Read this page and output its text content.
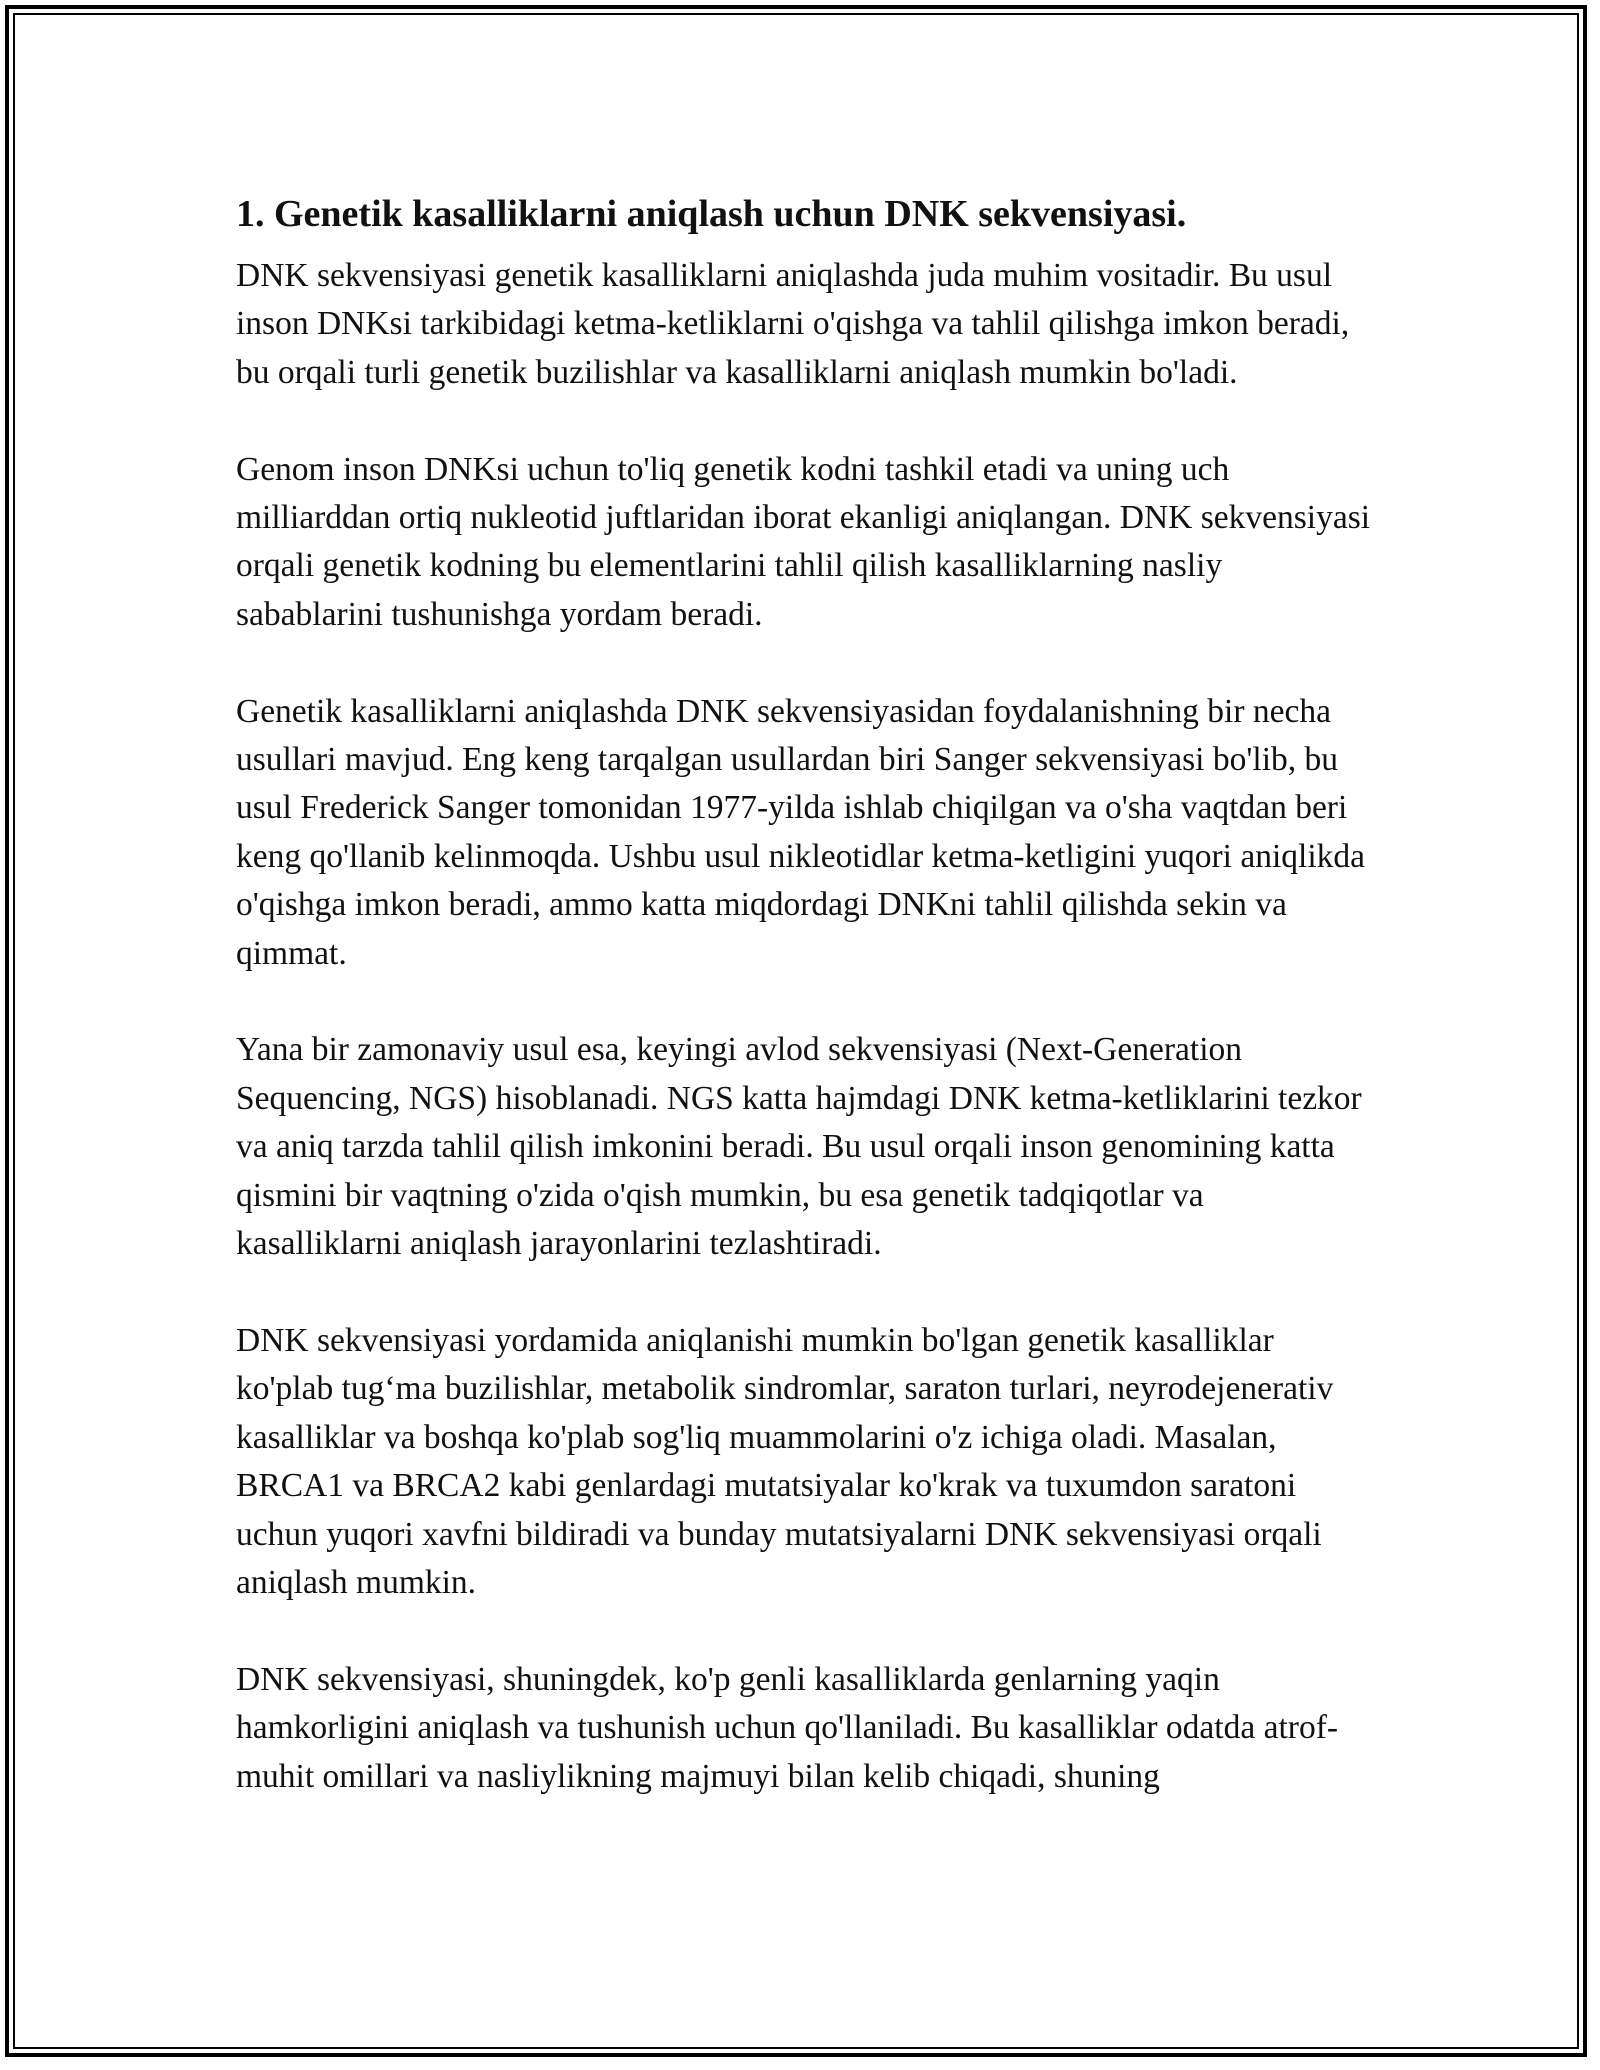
1. Genetik kasalliklarni aniqlash uchun DNK sekvensiyasi.

DNK sekvensiyasi genetik kasalliklarni aniqlashda juda muhim vositadir. Bu usul inson DNKsi tarkibidagi ketma-ketliklarni o'qishga va tahlil qilishga imkon beradi, bu orqali turli genetik buzilishlar va kasalliklarni aniqlash mumkin bo'ladi.

Genom inson DNKsi uchun to'liq genetik kodni tashkil etadi va uning uch milliarddan ortiq nukleotid juftlaridan iborat ekanligi aniqlangan. DNK sekvensiyasi orqali genetik kodning bu elementlarini tahlil qilish kasalliklarning nasliy sabablarini tushunishga yordam beradi.

Genetik kasalliklarni aniqlashda DNK sekvensiyasidan foydalanishning bir necha usullari mavjud. Eng keng tarqalgan usullardan biri Sanger sekvensiyasi bo'lib, bu usul Frederick Sanger tomonidan 1977-yilda ishlab chiqilgan va o'sha vaqtdan beri keng qo'llanib kelinmoqda. Ushbu usul nikleotidlar ketma-ketligini yuqori aniqlikda o'qishga imkon beradi, ammo katta miqdordagi DNKni tahlil qilishda sekin va qimmat.

Yana bir zamonaviy usul esa, keyingi avlod sekvensiyasi (Next-Generation Sequencing, NGS) hisoblanadi. NGS katta hajmdagi DNK ketma-ketliklarini tezkor va aniq tarzda tahlil qilish imkonini beradi. Bu usul orqali inson genomining katta qismini bir vaqtning o'zida o'qish mumkin, bu esa genetik tadqiqotlar va kasalliklarni aniqlash jarayonlarini tezlashtiradi.

DNK sekvensiyasi yordamida aniqlanishi mumkin bo'lgan genetik kasalliklar ko'plab tug‘ma buzilishlar, metabolik sindromlar, saraton turlari, neyrodejenerativ kasalliklar va boshqa ko'plab sog'liq muammolarini o'z ichiga oladi. Masalan, BRCA1 va BRCA2 kabi genlardagi mutatsiyalar ko'krak va tuxumdon saratoni uchun yuqori xavfni bildiradi va bunday mutatsiyalarni DNK sekvensiyasi orqali aniqlash mumkin.

DNK sekvensiyasi, shuningdek, ko'p genli kasalliklarda genlarning yaqin hamkorligini aniqlash va tushunish uchun qo'llaniladi. Bu kasalliklar odatda atrof-muhit omillari va nasliylikning majmuyi bilan kelib chiqadi, shuning
